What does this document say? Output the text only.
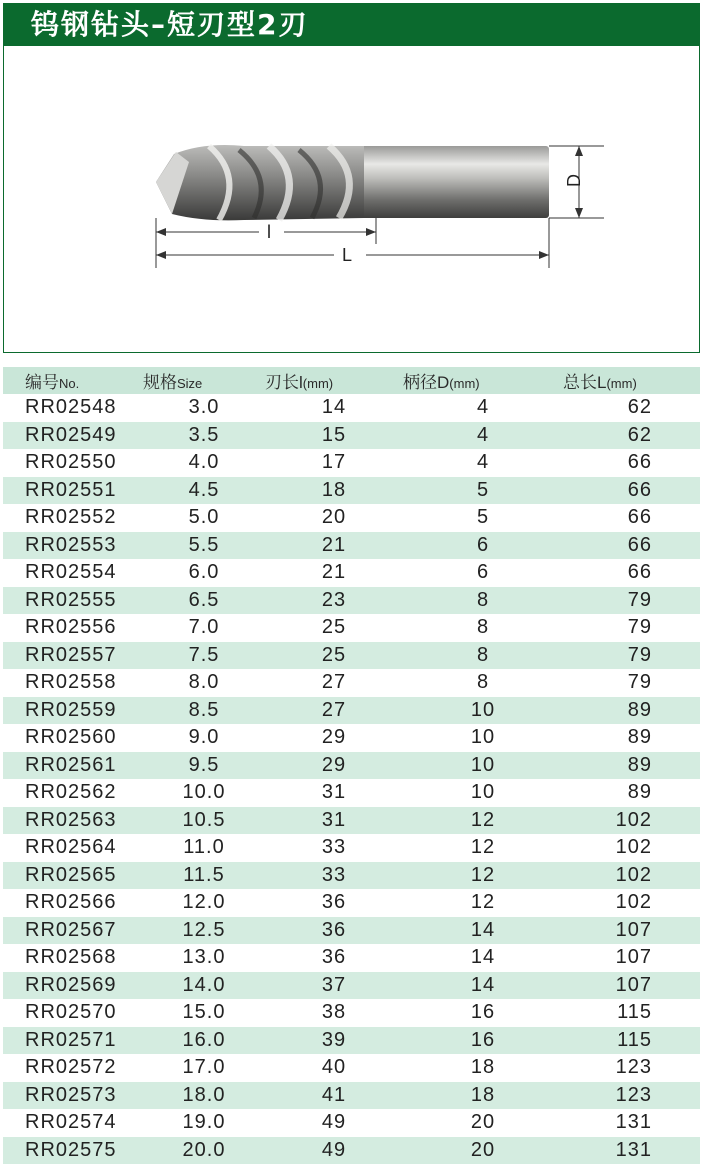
钨钢钻头–短刃型2刃
D
l
L
编号No.	规格Size	刃长l(mm)	柄径D(mm)	总长L(mm)
RR02548	3.0	14	4	62
RR02549	3.5	15	4	62
RR02550	4.0	17	4	66
RR02551	4.5	18	5	66
RR02552	5.0	20	5	66
RR02553	5.5	21	6	66
RR02554	6.0	21	6	66
RR02555	6.5	23	8	79
RR02556	7.0	25	8	79
RR02557	7.5	25	8	79
RR02558	8.0	27	8	79
RR02559	8.5	27	10	89
RR02560	9.0	29	10	89
RR02561	9.5	29	10	89
RR02562	10.0	31	10	89
RR02563	10.5	31	12	102
RR02564	11.0	33	12	102
RR02565	11.5	33	12	102
RR02566	12.0	36	12	102
RR02567	12.5	36	14	107
RR02568	13.0	36	14	107
RR02569	14.0	37	14	107
RR02570	15.0	38	16	115
RR02571	16.0	39	16	115
RR02572	17.0	40	18	123
RR02573	18.0	41	18	123
RR02574	19.0	49	20	131
RR02575	20.0	49	20	131
